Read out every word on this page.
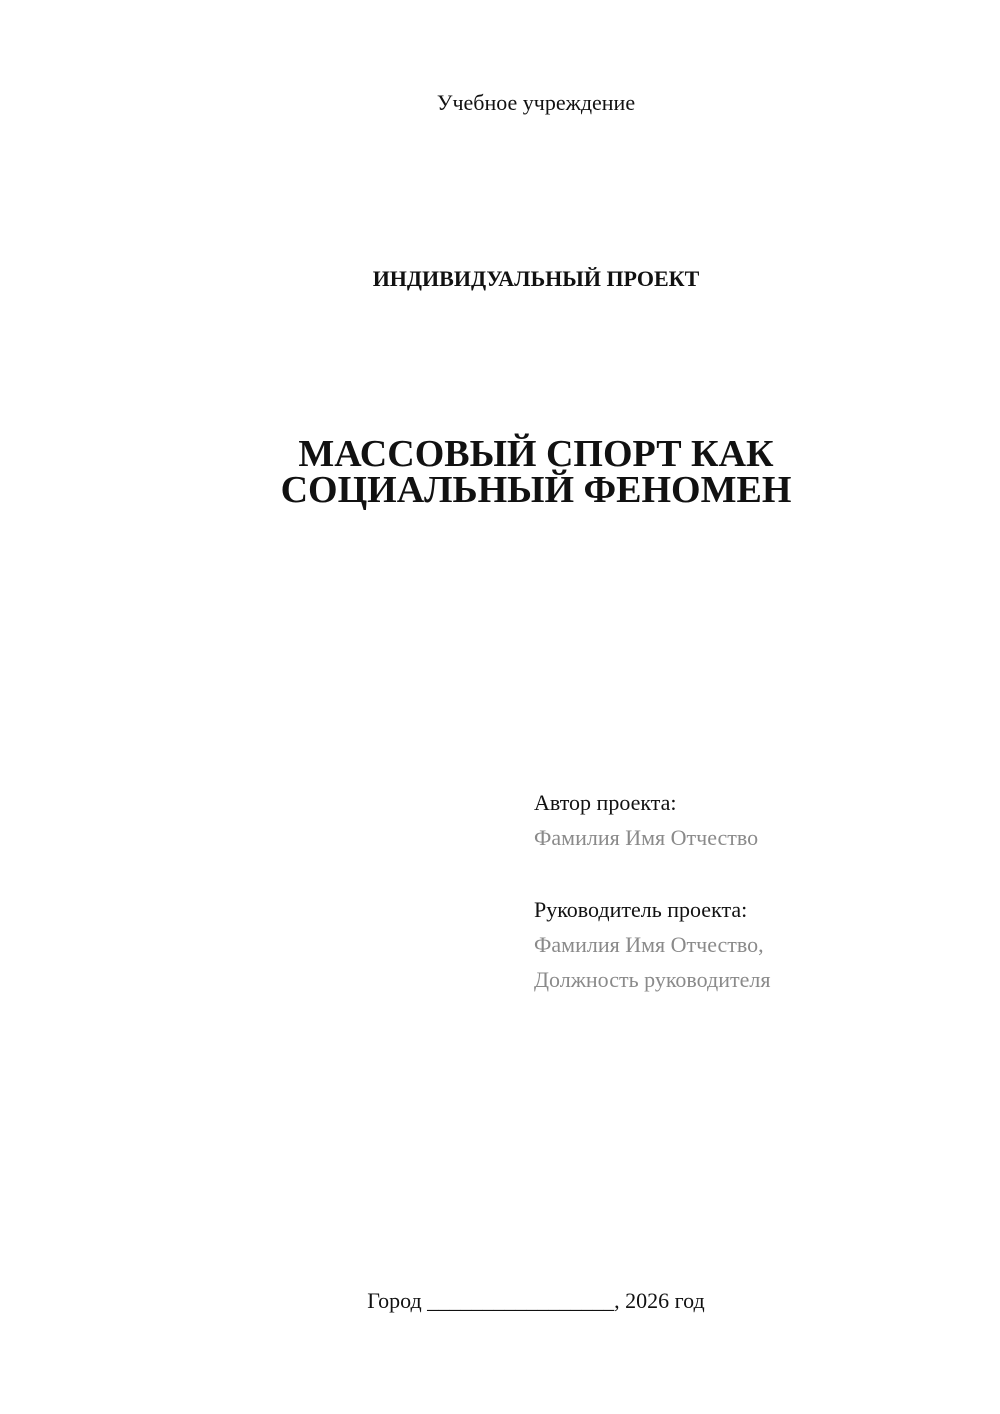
Учебное учреждение
ИНДИВИДУАЛЬНЫЙ ПРОЕКТ
МАССОВЫЙ СПОРТ КАК
СОЦИАЛЬНЫЙ ФЕНОМЕН
Автор проекта:
Фамилия Имя Отчество
Руководитель проекта:
Фамилия Имя Отчество,
Должность руководителя
Город _________________, 2026 год
